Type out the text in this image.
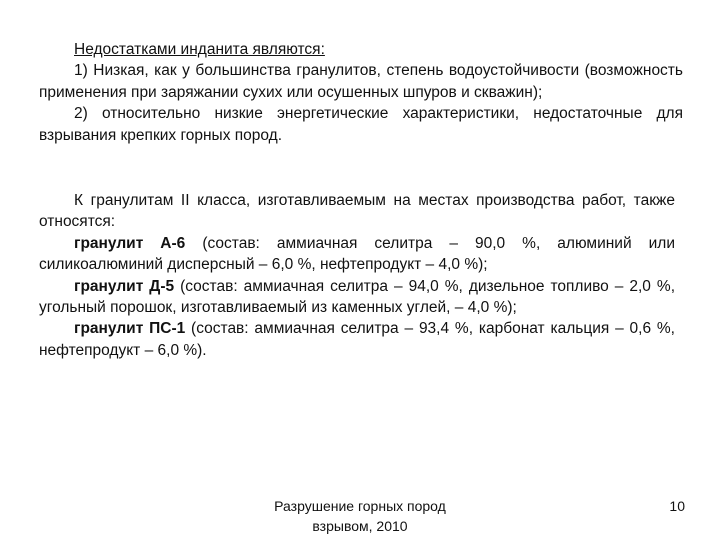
Недостатками инданита являются:

1) Низкая, как у большинства гранулитов, степень водоустойчивости (возможность применения при заряжании сухих или осушенных шпуров и скважин);

2) относительно низкие энергетические характеристики, недостаточные для взрывания крепких горных пород.

К гранулитам II класса, изготавливаемым на местах производства работ, также относятся:

гранулит А-6 (состав: аммиачная селитра – 90,0 %, алюминий или силикоалюминий дисперсный – 6,0 %, нефтепродукт – 4,0 %);

гранулит Д-5 (состав: аммиачная селитра – 94,0 %, дизельное топливо – 2,0 %, угольный порошок, изготавливаемый из каменных углей, – 4,0 %);

гранулит ПС-1 (состав: аммиачная селитра – 93,4 %, карбонат кальция – 0,6 %, нефтепродукт – 6,0 %).

Разрушение горных пород
взрывом, 2010
10
